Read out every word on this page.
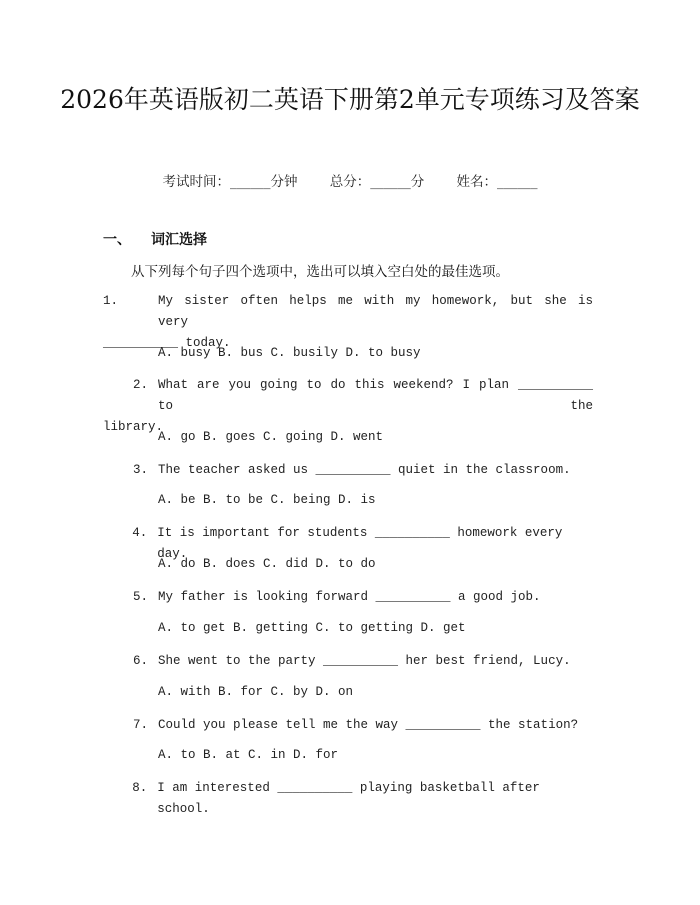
2026年英语版初二英语下册第2单元专项练习及答案
考试时间：______分钟 总分：______分 姓名：______
一、 词汇选择
从下列每个句子四个选项中，选出可以填入空白处的最佳选项。
1.	My sister often helps me with my homework, but she is very
__________ today.
A. busy B. bus C. busily D. to busy
2. What are you going to do this weekend? I plan __________ to the
library.
A. go B. goes C. going D. went
3. The teacher asked us __________ quiet in the classroom.
A. be B. to be C. being D. is
4. It is important for students __________ homework every day.
A. do B. does C. did D. to do
5. My father is looking forward __________ a good job.
A. to get B. getting C. to getting D. get
6. She went to the party __________ her best friend, Lucy.
A. with B. for C. by D. on
7. Could you please tell me the way __________ the station?
A. to B. at C. in D. for
8. I am interested __________ playing basketball after school.
